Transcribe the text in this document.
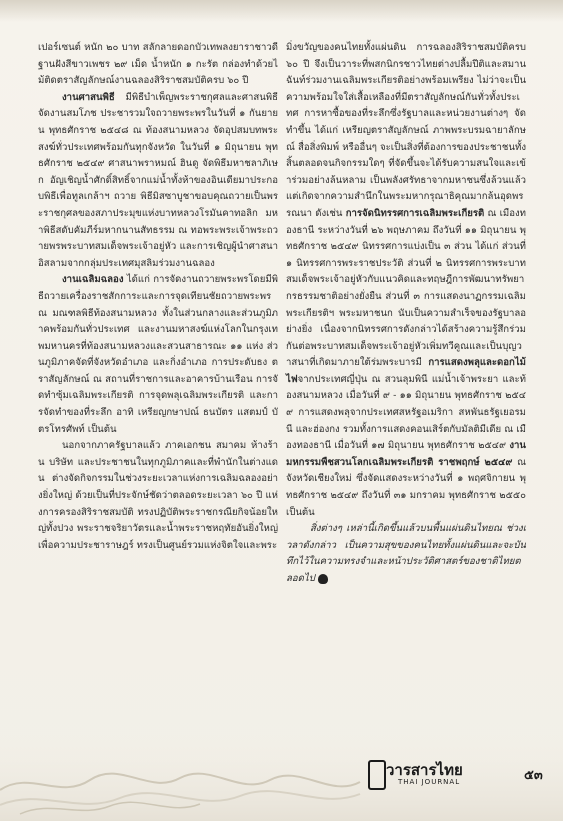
เปอร์เซนต์ หนัก ๒๐ บาท สลักลายดอกบัวเทพลงยาราชาวดี ฐานฝังสีขาวเพชร ๒๙ เม็ด น้ำหนัก ๑ กะรัต กล่องทำด้วยไม้ติดตราสัญลักษณ์งานฉลองสิริราชสมบัติครบ ๖๐ ปี

งานศาสนพิธี มีพิธีบำเพ็ญพระราชกุศลและศาสนพิธี จัดงานสมโภช ประชารวมใจถวายพระพรในวันที่ ๑ กันยายน พุทธศักราช ๒๕๔๘ ณ ท้องสนามหลวง จัดอุปสมบทพระสงฆ์ทั่วประเทศพร้อมกันทุกจังหวัด ในวันที่ ๑ มิถุนายน พุทธศักราช ๒๕๔๙ ศาสนาพราหมณ์ ฮินดู จัดพิธีมหาชลาภิเษก อัญเชิญน้ำศักดิ์สิทธิ์จากแม่น้ำทั้งห้าของอินเดียมาประกอบพิธีเพื่อทูลเกล้าฯ ถวาย พิธีมิสซาบูชาขอบคุณถวายเป็นพระราชกุศลของสภาประมุขแห่งบาทหลวงโรมันคาทอลิก มหาพิธีสดับคัมภีร์มหากนานสัทธรรม ณ ทอพระพระเจ้าพระถวายพรพระบาทสมเด็จพระเจ้าอยู่หัว และการเชิญผู้นำศาสนาอิสลามจากกลุ่มประเทศมุสลิมร่วมงานฉลอง

งานเฉลิมฉลอง ได้แก่ การจัดงานถวายพระพรโดยมีพิธีถวายเครื่องราชสักการะและการจุดเทียนชัยถวายพระพร ณ มณฑลพิธีท้องสนามหลวง ทั้งในส่วนกลางและส่วนภูมิภาคพร้อมกันทั่วประเทศ และงานมหาสงฆ์แห่งโลกในกรุงเทพมหานครที่ท้องสนามหลวงและสวนสาธารณะ ๑๑ แห่ง ส่วนภูมิภาคจัดที่จังหวัดอำเภอ และกิ่งอำเภอ การประดับธง ตราสัญลักษณ์ ณ สถานที่ราชการและอาคารบ้านเรือน การจัดทำซุ้มเฉลิมพระเกียรติ การจุดพลุเฉลิมพระเกียรติ และการจัดทำของที่ระลึก อาทิ เหรียญกษาปณ์ ธนบัตร แสตมป์ บัตรโทรศัพท์ เป็นต้น

นอกจากภาครัฐบาลแล้ว ภาคเอกชน สมาคม ห้างร้าน บริษัท และประชาชนในทุกภูมิภาคและที่พำนักในต่างแดน ต่างจัดกิจกรรมในช่วงระยะเวลาแห่งการเฉลิมฉลองอย่างยิ่งใหญ่ ด้วยเป็นที่ประจักษ์ชัดว่าตลอดระยะเวลา ๖๐ ปี แห่งการครองสิริราชสมบัติ ทรงปฏิบัติพระราชกรณียกิจน้อยใหญ่ทั้งปวง พระราชจริยาวัตรและน้ำพระราชหฤทัยอันยิ่งใหญ่เพื่อความประชาราษฎร์ ทรงเป็นศูนย์รวมแห่งจิตใจและพระ

มิ่งขวัญของคนไทยทั้งแผ่นดิน การฉลองสิริราชสมบัติครบ ๖๐ ปี จึงเป็นวาระที่พสกนิกรชาวไทยต่างปลื้มปีติและสมานฉันท์ร่วมงานเฉลิมพระเกียรติอย่างพร้อมเพรียง ไม่ว่าจะเป็นความพร้อมใจใส่เสื้อเหลืองที่มีตราสัญลักษณ์กันทั่วทั้งประเทศ การหาซื้อของที่ระลึกซึ่งรัฐบาลและหน่วยงานต่างๆ จัดทำขึ้น ได้แก่ เหรียญตราสัญลักษณ์ ภาพพระบรมฉายาลักษณ์ สื่อสิ่งพิมพ์ หรืออื่นๆ จะเป็นสิ่งที่ต้องการของประชาชนทั้งสิ้นตลอดจนกิจกรรมใดๆ ที่จัดขึ้นจะได้รับความสนใจและเข้าร่วมอย่างล้นหลาม เป็นพลังศรัทธาจากมหาชนซึ่งล้วนแล้วแต่เกิดจากความสำนึกในพระมหากรุณาธิคุณมากล้นอุดพรรณนา ดังเช่น การจัดนิทรรศการเฉลิมพระเกียรติ ณ เมืองทองธานี ระหว่างวันที่ ๒๖ พฤษภาคม ถึงวันที่ ๑๑ มิถุนายน พุทธศักราช ๒๕๔๙ นิทรรศการแบ่งเป็น ๓ ส่วน ได้แก่ ส่วนที่ ๑ นิทรรศการพระราชประวัติ ส่วนที่ ๒ นิทรรศการพระบาทสมเด็จพระเจ้าอยู่หัวกับแนวคิดและทฤษฎีการพัฒนาทรัพยากรธรรมชาติอย่างยั่งยืน ส่วนที่ ๓ การแสดงนาฏกรรมเฉลิมพระเกียรติฯ พระมหาชนก นับเป็นความสำเร็จของรัฐบาลอย่างยิ่ง เนื่องจากนิทรรศการดังกล่าวได้สร้างความรู้สึกร่วมกันต่อพระบาทสมเด็จพระเจ้าอยู่หัวเพิ่มทวีคูณและเป็นบุญวาสนาที่เกิดมาภายใต้ร่มพระบารมี การแสดงพลุและดอกไม้ไฟจากประเทศญี่ปุ่น ณ สวนลุมพินี แม่น้ำเจ้าพระยา และท้องสนามหลวง เมื่อวันที่ ๙ - ๑๑ มิถุนายน พุทธศักราช ๒๕๔๙ การแสดงพลุจากประเทศสหรัฐอเมริกา สหพันธรัฐเยอรมนี และฮ่องกง รวมทั้งการแสดงคอนเสิร์ตกับมัลติมีเดีย ณ เมืองทองธานี เมื่อวันที่ ๑๗ มิถุนายน พุทธศักราช ๒๕๔๙ งานมหกรรมพืชสวนโลกเฉลิมพระเกียรติ ราชพฤกษ์ ๒๕๔๙ ณ จังหวัดเชียงใหม่ ซึ่งจัดแสดงระหว่างวันที่ ๑ พฤศจิกายน พุทธศักราช ๒๕๔๙ ถึงวันที่ ๓๑ มกราคม พุทธศักราช ๒๕๕๐ เป็นต้น

สิ่งต่างๆ เหล่านี้เกิดขึ้นแล้วบนพื้นแผ่นดินไทยณ ช่วงเวลาดังกล่าว เป็นความสุขของคนไทยทั้งแผ่นดินและจะบันทึกไว้ในความทรงจำและหน้าประวัติศาสตร์ของชาติไทยตลอดไป

วารสารไทย
THAI JOURNAL	๕๓
